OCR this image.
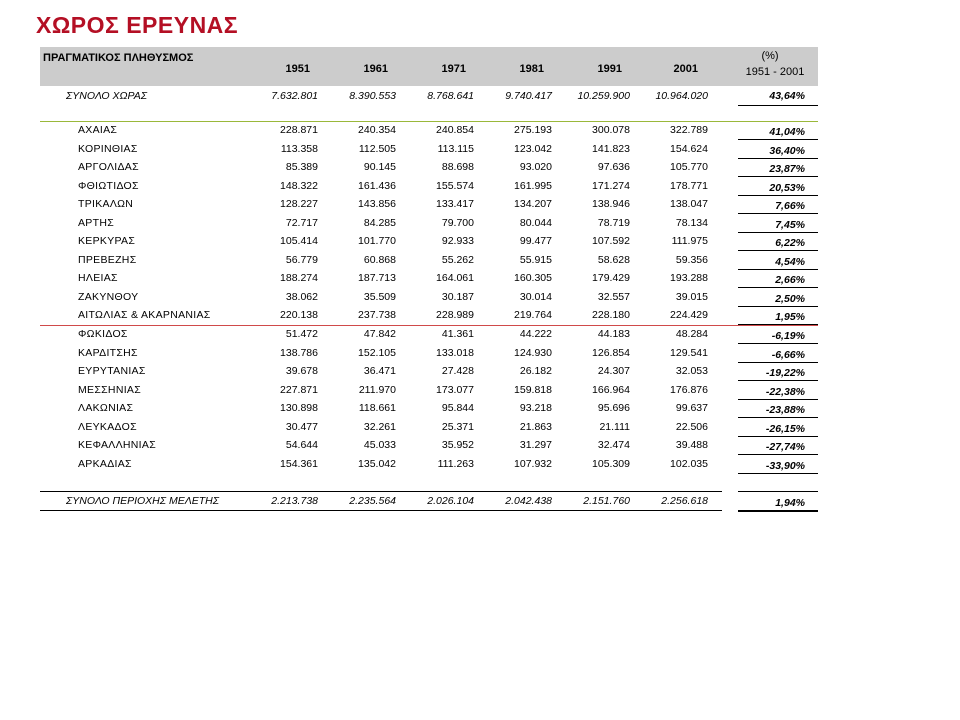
ΧΩΡΟΣ ΕΡΕΥΝΑΣ
ΠΡΑΓΜΑΤΙΚΟΣ ΠΛΗΘΥΣΜΟΣ
1951	1961	1971	1981	1991	2001
(%)
1951 - 2001
ΣΥΝΟΛΟ ΧΩΡΑΣ	7.632.801	8.390.553	8.768.641	9.740.417	10.259.900	10.964.020	43,64%
ΑΧΑΙΑΣ	228.871	240.354	240.854	275.193	300.078	322.789	41,04%
ΚΟΡΙΝΘΙΑΣ	113.358	112.505	113.115	123.042	141.823	154.624	36,40%
ΑΡΓΟΛΙΔΑΣ	85.389	90.145	88.698	93.020	97.636	105.770	23,87%
ΦΘΙΩΤΙΔΟΣ	148.322	161.436	155.574	161.995	171.274	178.771	20,53%
ΤΡΙΚΑΛΩΝ	128.227	143.856	133.417	134.207	138.946	138.047	7,66%
ΑΡΤΗΣ	72.717	84.285	79.700	80.044	78.719	78.134	7,45%
ΚΕΡΚΥΡΑΣ	105.414	101.770	92.933	99.477	107.592	111.975	6,22%
ΠΡΕΒΕΖΗΣ	56.779	60.868	55.262	55.915	58.628	59.356	4,54%
ΗΛΕΙΑΣ	188.274	187.713	164.061	160.305	179.429	193.288	2,66%
ΖΑΚΥΝΘΟΥ	38.062	35.509	30.187	30.014	32.557	39.015	2,50%
ΑΙΤΩΛΙΑΣ & ΑΚΑΡΝΑΝΙΑΣ	220.138	237.738	228.989	219.764	228.180	224.429	1,95%
ΦΩΚΙΔΟΣ	51.472	47.842	41.361	44.222	44.183	48.284	-6,19%
ΚΑΡΔΙΤΣΗΣ	138.786	152.105	133.018	124.930	126.854	129.541	-6,66%
ΕΥΡΥΤΑΝΙΑΣ	39.678	36.471	27.428	26.182	24.307	32.053	-19,22%
ΜΕΣΣΗΝΙΑΣ	227.871	211.970	173.077	159.818	166.964	176.876	-22,38%
ΛΑΚΩΝΙΑΣ	130.898	118.661	95.844	93.218	95.696	99.637	-23,88%
ΛΕΥΚΑΔΟΣ	30.477	32.261	25.371	21.863	21.111	22.506	-26,15%
ΚΕΦΑΛΛΗΝΙΑΣ	54.644	45.033	35.952	31.297	32.474	39.488	-27,74%
ΑΡΚΑΔΙΑΣ	154.361	135.042	111.263	107.932	105.309	102.035	-33,90%
ΣΥΝΟΛΟ ΠΕΡΙΟΧΗΣ ΜΕΛΕΤΗΣ	2.213.738	2.235.564	2.026.104	2.042.438	2.151.760	2.256.618	1,94%
